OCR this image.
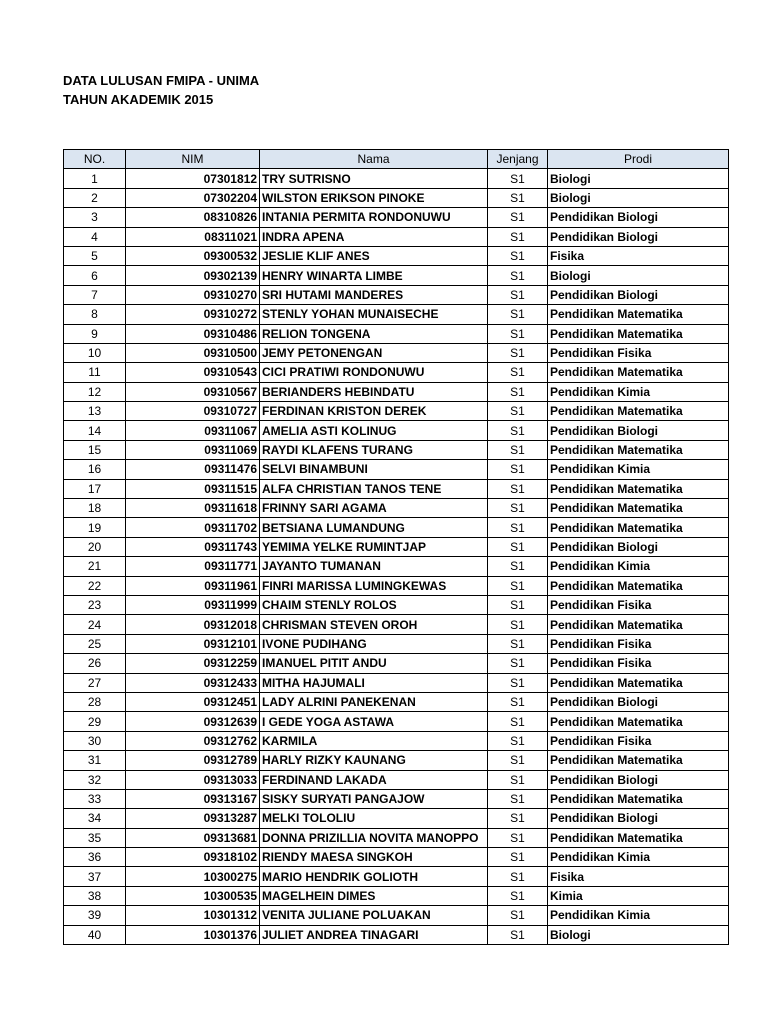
DATA LULUSAN FMIPA - UNIMA
TAHUN AKADEMIK 2015
NO.	NIM	Nama	Jenjang	Prodi
1	07301812	TRY SUTRISNO	S1	Biologi
2	07302204	WILSTON ERIKSON PINOKE	S1	Biologi
3	08310826	INTANIA PERMITA RONDONUWU	S1	Pendidikan Biologi
4	08311021	INDRA APENA	S1	Pendidikan Biologi
5	09300532	JESLIE KLIF ANES	S1	Fisika
6	09302139	HENRY WINARTA LIMBE	S1	Biologi
7	09310270	SRI HUTAMI MANDERES	S1	Pendidikan Biologi
8	09310272	STENLY YOHAN MUNAISECHE	S1	Pendidikan Matematika
9	09310486	RELION TONGENA	S1	Pendidikan Matematika
10	09310500	JEMY PETONENGAN	S1	Pendidikan Fisika
11	09310543	CICI PRATIWI RONDONUWU	S1	Pendidikan Matematika
12	09310567	BERIANDERS HEBINDATU	S1	Pendidikan Kimia
13	09310727	FERDINAN KRISTON DEREK	S1	Pendidikan Matematika
14	09311067	AMELIA ASTI KOLINUG	S1	Pendidikan Biologi
15	09311069	RAYDI KLAFENS TURANG	S1	Pendidikan Matematika
16	09311476	SELVI BINAMBUNI	S1	Pendidikan Kimia
17	09311515	ALFA CHRISTIAN TANOS TENE	S1	Pendidikan Matematika
18	09311618	FRINNY SARI AGAMA	S1	Pendidikan Matematika
19	09311702	BETSIANA LUMANDUNG	S1	Pendidikan Matematika
20	09311743	YEMIMA YELKE RUMINTJAP	S1	Pendidikan Biologi
21	09311771	JAYANTO TUMANAN	S1	Pendidikan Kimia
22	09311961	FINRI MARISSA LUMINGKEWAS	S1	Pendidikan Matematika
23	09311999	CHAIM STENLY ROLOS	S1	Pendidikan Fisika
24	09312018	CHRISMAN STEVEN OROH	S1	Pendidikan Matematika
25	09312101	IVONE PUDIHANG	S1	Pendidikan Fisika
26	09312259	IMANUEL PITIT ANDU	S1	Pendidikan Fisika
27	09312433	MITHA HAJUMALI	S1	Pendidikan Matematika
28	09312451	LADY ALRINI PANEKENAN	S1	Pendidikan Biologi
29	09312639	I GEDE YOGA ASTAWA	S1	Pendidikan Matematika
30	09312762	KARMILA	S1	Pendidikan Fisika
31	09312789	HARLY RIZKY KAUNANG	S1	Pendidikan Matematika
32	09313033	FERDINAND LAKADA	S1	Pendidikan Biologi
33	09313167	SISKY SURYATI PANGAJOW	S1	Pendidikan Matematika
34	09313287	MELKI TOLOLIU	S1	Pendidikan Biologi
35	09313681	DONNA PRIZILLIA NOVITA MANOPPO	S1	Pendidikan Matematika
36	09318102	RIENDY MAESA SINGKOH	S1	Pendidikan Kimia
37	10300275	MARIO HENDRIK GOLIOTH	S1	Fisika
38	10300535	MAGELHEIN DIMES	S1	Kimia
39	10301312	VENITA JULIANE POLUAKAN	S1	Pendidikan Kimia
40	10301376	JULIET ANDREA TINAGARI	S1	Biologi
